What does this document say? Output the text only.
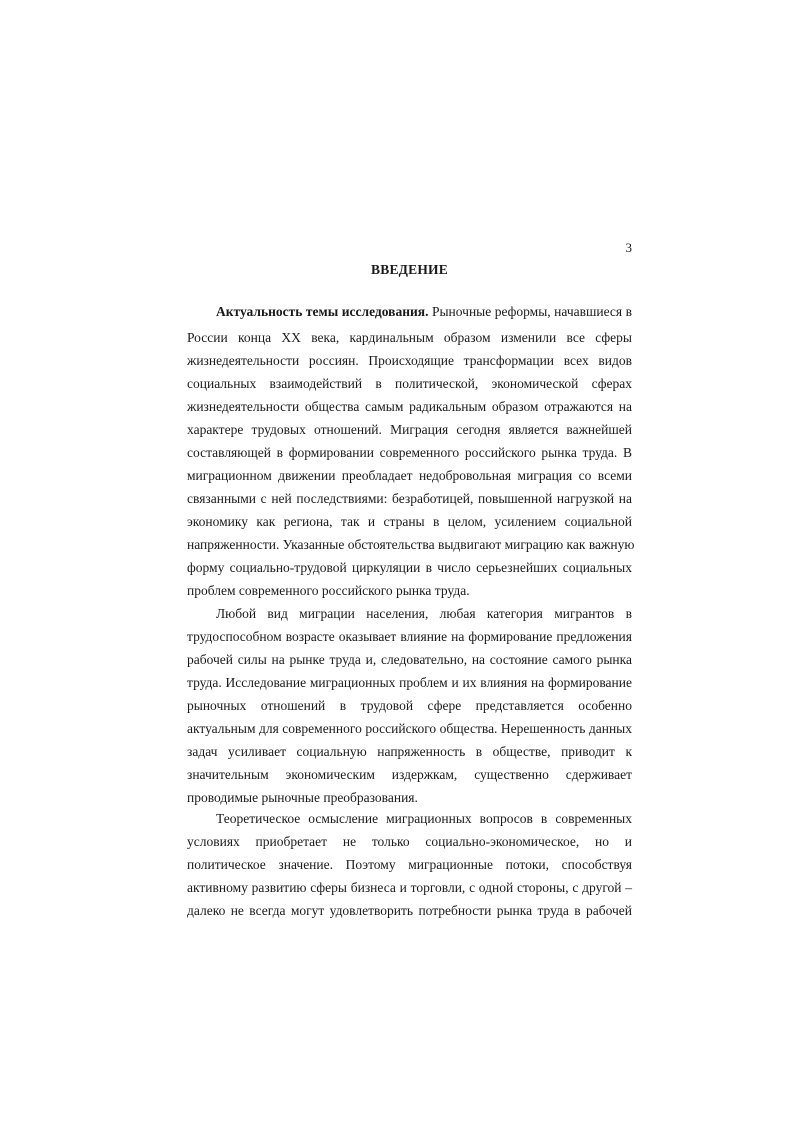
3
ВВЕДЕНИЕ
Актуальность темы исследования. Рыночные реформы, начавшиеся в
России конца XX века, кардинальным образом изменили все сферы
жизнедеятельности россиян. Происходящие трансформации всех видов
социальных взаимодействий в политической, экономической сферах
жизнедеятельности общества самым радикальным образом отражаются на
характере трудовых отношений. Миграция сегодня является важнейшей
составляющей в формировании современного российского рынка труда. В
миграционном движении преобладает недобровольная миграция со всеми
связанными с ней последствиями: безработицей, повышенной нагрузкой на
экономику как региона, так и страны в целом, усилением социальной
напряженности. Указанные обстоятельства выдвигают миграцию как важную
форму социально-трудовой циркуляции в число серьезнейших социальных
проблем современного российского рынка труда.
Любой вид миграции населения, любая категория мигрантов в
трудоспособном возрасте оказывает влияние на формирование предложения
рабочей силы на рынке труда и, следовательно, на состояние самого рынка
труда. Исследование миграционных проблем и их влияния на формирование
рыночных отношений в трудовой сфере представляется особенно
актуальным для современного российского общества. Нерешенность данных
задач усиливает социальную напряженность в обществе, приводит к
значительным экономическим издержкам, существенно сдерживает
проводимые рыночные преобразования.
Теоретическое осмысление миграционных вопросов в современных
условиях приобретает не только социально-экономическое, но и
политическое значение. Поэтому миграционные потоки, способствуя
активному развитию сферы бизнеса и торговли, с одной стороны, с другой –
далеко не всегда могут удовлетворить потребности рынка труда в рабочей
